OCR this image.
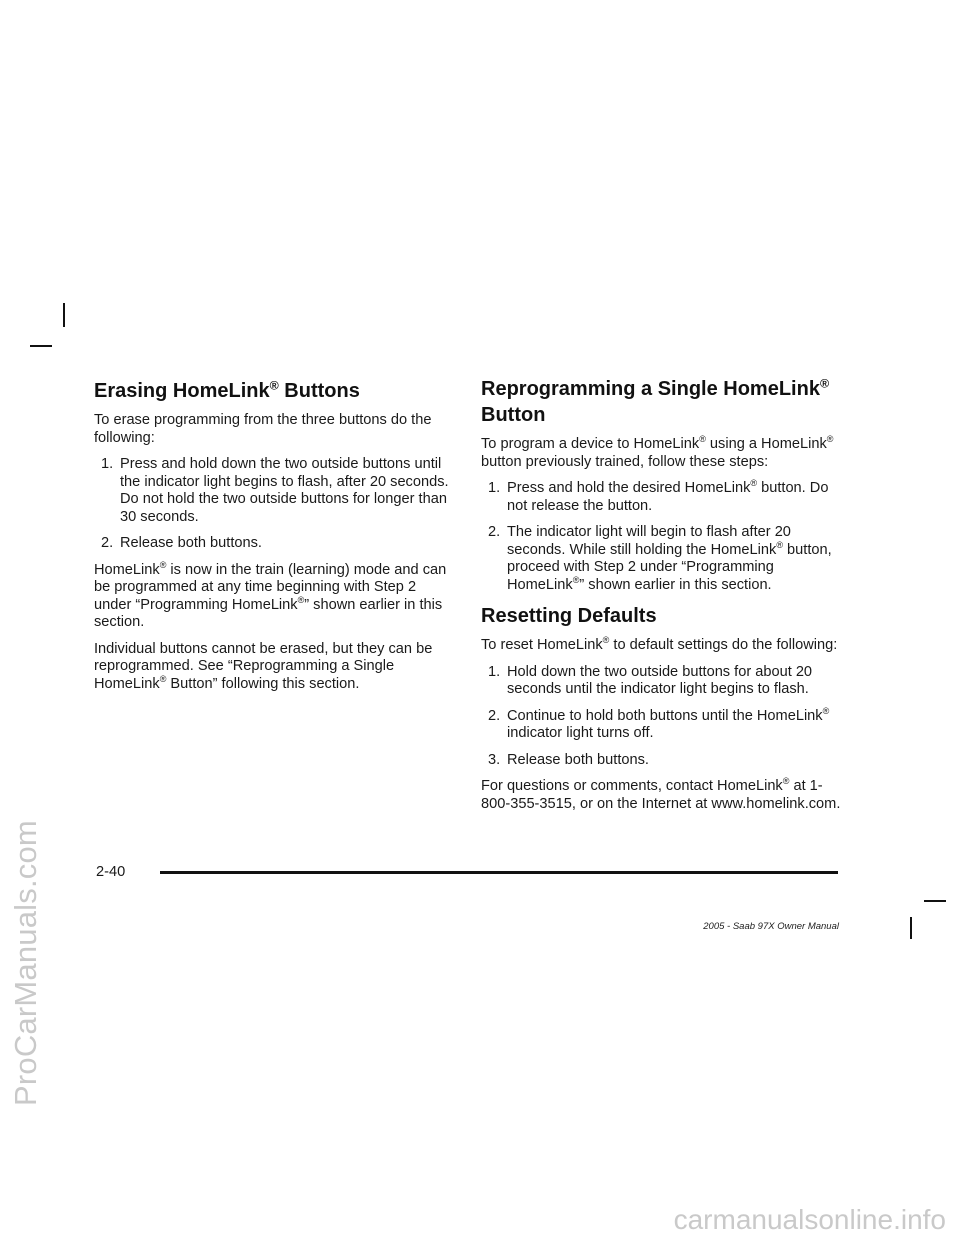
ProCarManuals.com
carmanualsonline.info
Erasing HomeLink® Buttons

To erase programming from the three buttons do the following:

1. Press and hold down the two outside buttons until the indicator light begins to flash, after 20 seconds. Do not hold the two outside buttons for longer than 30 seconds.
2. Release both buttons.

HomeLink® is now in the train (learning) mode and can be programmed at any time beginning with Step 2 under “Programming HomeLink®” shown earlier in this section.

Individual buttons cannot be erased, but they can be reprogrammed. See “Reprogramming a Single HomeLink® Button” following this section.

Reprogramming a Single HomeLink®
Button

To program a device to HomeLink® using a HomeLink® button previously trained, follow these steps:

1. Press and hold the desired HomeLink® button. Do not release the button.
2. The indicator light will begin to flash after 20 seconds. While still holding the HomeLink® button, proceed with Step 2 under “Programming HomeLink®” shown earlier in this section.
Resetting Defaults

To reset HomeLink® to default settings do the following:

1. Hold down the two outside buttons for about 20 seconds until the indicator light begins to flash.
2. Continue to hold both buttons until the HomeLink® indicator light turns off.
3. Release both buttons.

For questions or comments, contact HomeLink® at 1-800-355-3515, or on the Internet at www.homelink.com.

2-40
2005 - Saab 97X Owner Manual
